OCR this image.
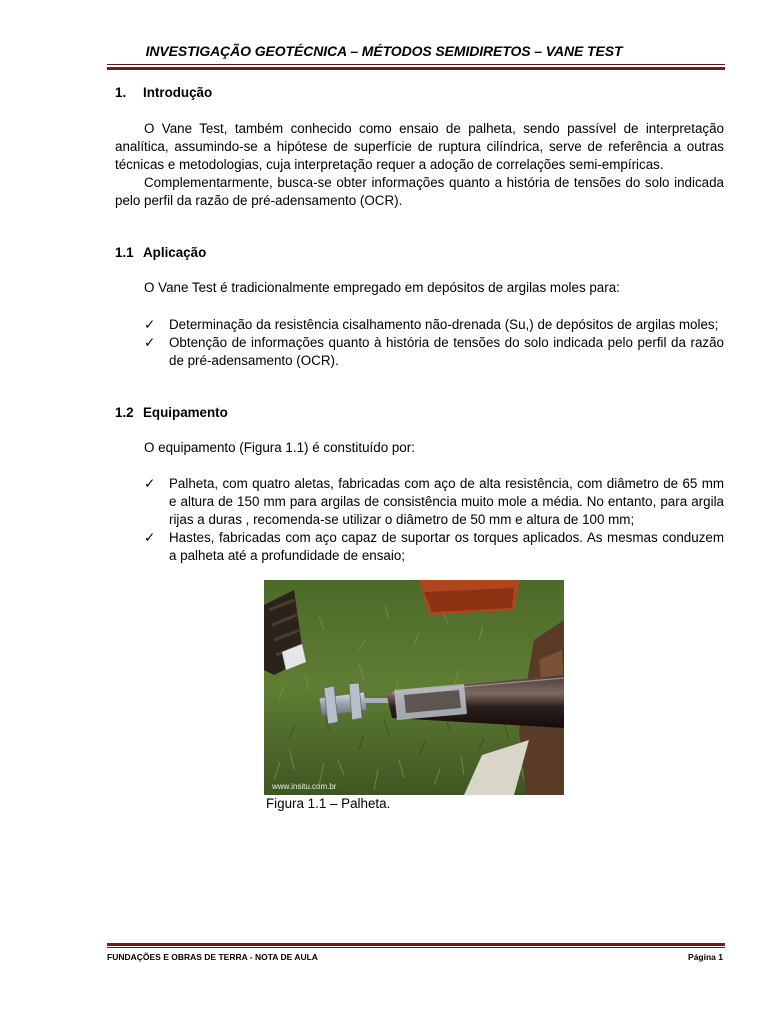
INVESTIGAÇÃO GEOTÉCNICA – MÉTODOS SEMIDIRETOS – VANE TEST
1. Introdução

O Vane Test, também conhecido como ensaio de palheta, sendo passível de interpretação analítica, assumindo-se a hipótese de superfície de ruptura cilíndrica, serve de referência a outras técnicas e metodologias, cuja interpretação requer a adoção de correlações semi-empíricas.

Complementarmente, busca-se obter informações quanto a história de tensões do solo indicada pelo perfil da razão de pré-adensamento (OCR).

1.1 Aplicação
O Vane Test é tradicionalmente empregado em depósitos de argilas moles para:
✓ Determinação da resistência cisalhamento não-drenada (Su,) de depósitos de argilas moles;
✓ Obtenção de informações quanto à história de tensões do solo indicada pelo perfil da razão de pré-adensamento (OCR).
1.2 Equipamento
O equipamento (Figura 1.1) é constituído por:
✓ Palheta, com quatro aletas, fabricadas com aço de alta resistência, com diâmetro de 65 mm e altura de 150 mm para argilas de consistência muito mole a média. No entanto, para argila rijas a duras , recomenda-se utilizar o diâmetro de 50 mm e altura de 100 mm;
✓ Hastes, fabricadas com aço capaz de suportar os torques aplicados. As mesmas conduzem a palheta até a profundidade de ensaio;
www.insitu.com.br
Figura 1.1 – Palheta.
FUNDAÇÕES E OBRAS DE TERRA - NOTA DE AULA	Página 1
